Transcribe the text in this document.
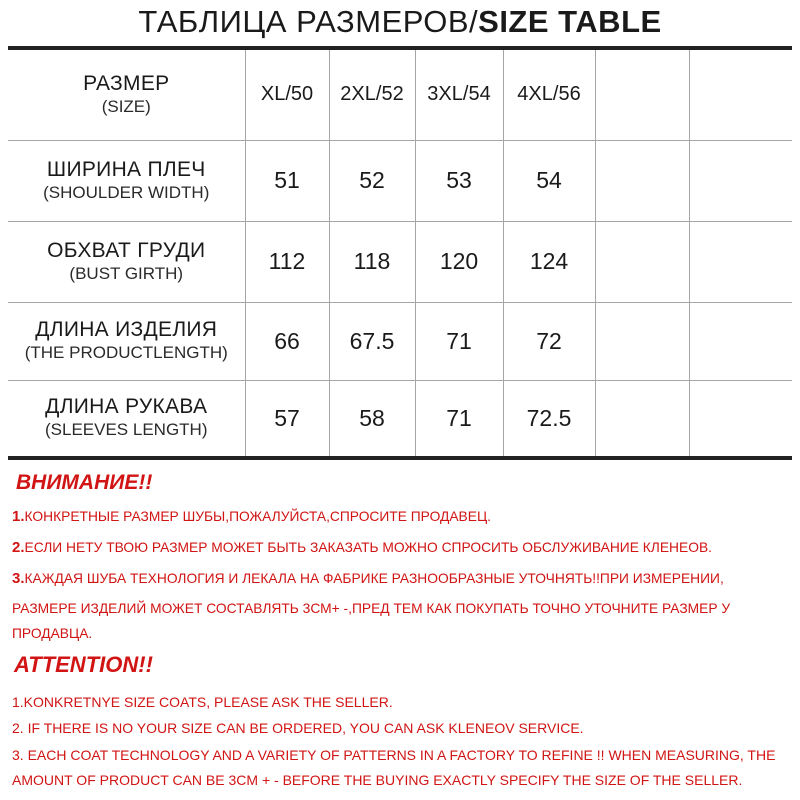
ТАБЛИЦА РАЗМЕРОВ/SIZE TABLE
РАЗМЕР
(SIZE)	XL/50	2XL/52	3XL/54	4XL/56		

ШИРИНА ПЛЕЧ
(SHOULDER WIDTH)	51	52	53	54		

ОБХВАТ ГРУДИ
(BUST GIRTH)	112	118	120	124		

ДЛИНА ИЗДЕЛИЯ
(THE PRODUCTLENGTH)	66	67.5	71	72		

ДЛИНА РУКАВА
(SLEEVES LENGTH)	57	58	71	72.5		

ВНИМАНИЕ!!

1.КОНКРЕТНЫЕ РАЗМЕР ШУБЫ,ПОЖАЛУЙСТА,СПРОСИТЕ ПРОДАВЕЦ.

2.ЕСЛИ НЕТУ ТВОЮ РАЗМЕР МОЖЕТ БЫТЬ ЗАКАЗАТЬ МОЖНО СПРОСИТЬ ОБСЛУЖИВАНИЕ КЛЕНЕОВ.

3.КАЖДАЯ ШУБА ТЕХНОЛОГИЯ И ЛЕКАЛА НА ФАБРИКЕ РАЗНООБРАЗНЫЕ УТОЧНЯТЬ!!ПРИ ИЗМЕРЕНИИ,

РАЗМЕРЕ ИЗДЕЛИЙ МОЖЕТ СОСТАВЛЯТЬ 3СМ+ -,ПРЕД ТЕМ КАК ПОКУПАТЬ ТОЧНО УТОЧНИТЕ РАЗМЕР У

ПРОДАВЦА.

ATTENTION!!

1.KONKRETNYE SIZE COATS, PLEASE ASK THE SELLER.

2. IF THERE IS NO YOUR SIZE CAN BE ORDERED, YOU CAN ASK KLENEOV SERVICE.

3. EACH COAT TECHNOLOGY AND A VARIETY OF PATTERNS IN A FACTORY TO REFINE !! WHEN MEASURING, THE

AMOUNT OF PRODUCT CAN BE 3CM + - BEFORE THE BUYING EXACTLY SPECIFY THE SIZE OF THE SELLER.
